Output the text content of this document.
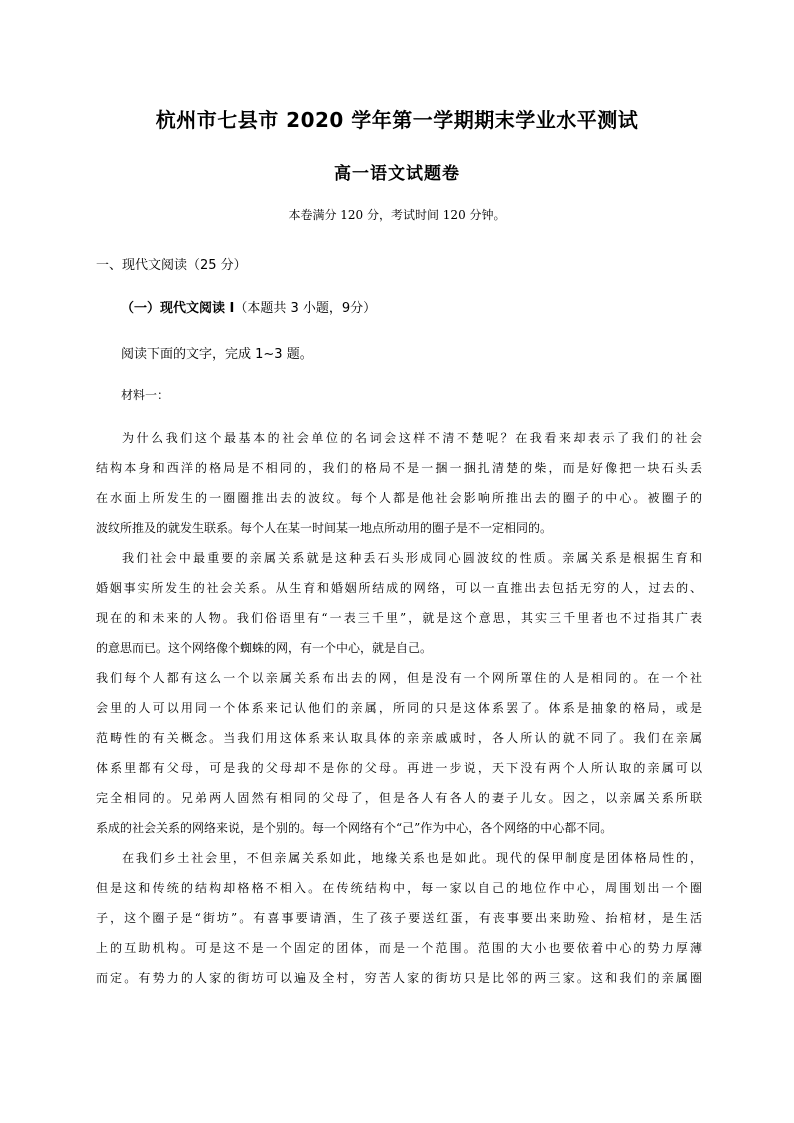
杭州市七县市 2020 学年第一学期期末学业水平测试
高一语文试题卷
本卷满分 120 分，考试时间 120 分钟。
一、现代文阅读（25 分）
（一）现代文阅读 I（本题共 3 小题，9分）
阅读下面的文字，完成 1~3 题。
材料一：
为什么我们这个最基本的社会单位的名词会这样不清不楚呢？在我看来却表示了我们的社会
结构本身和西洋的格局是不相同的，我们的格局不是一捆一捆扎清楚的柴，而是好像把一块石头丢
在水面上所发生的一圈圈推出去的波纹。每个人都是他社会影响所推出去的圈子的中心。被圈子的
波纹所推及的就发生联系。每个人在某一时间某一地点所动用的圈子是不一定相同的。
我们社会中最重要的亲属关系就是这种丢石头形成同心圆波纹的性质。亲属关系是根据生育和
婚姻事实所发生的社会关系。从生育和婚姻所结成的网络，可以一直推出去包括无穷的人，过去的、
现在的和未来的人物。我们俗语里有“一表三千里”，就是这个意思，其实三千里者也不过指其广表
的意思而已。这个网络像个蜘蛛的网，有一个中心，就是自己。
我们每个人都有这么一个以亲属关系布出去的网，但是没有一个网所罩住的人是相同的。在一个社
会里的人可以用同一个体系来记认他们的亲属，所同的只是这体系罢了。体系是抽象的格局，或是
范畴性的有关概念。当我们用这体系来认取具体的亲亲戚戚时，各人所认的就不同了。我们在亲属
体系里都有父母，可是我的父母却不是你的父母。再进一步说，天下没有两个人所认取的亲属可以
完全相同的。兄弟两人固然有相同的父母了，但是各人有各人的妻子儿女。因之，以亲属关系所联
系成的社会关系的网络来说，是个别的。每一个网络有个“己”作为中心，各个网络的中心都不同。
在我们乡土社会里，不但亲属关系如此，地缘关系也是如此。现代的保甲制度是团体格局性的，
但是这和传统的结构却格格不相入。在传统结构中，每一家以自己的地位作中心，周围划出一个圈
子，这个圈子是“街坊”。有喜事要请酒，生了孩子要送红蛋，有丧事要出来助殓、抬棺材，是生活
上的互助机构。可是这不是一个固定的团体，而是一个范围。范围的大小也要依着中心的势力厚薄
而定。有势力的人家的街坊可以遍及全村，穷苦人家的街坊只是比邻的两三家。这和我们的亲属圈
